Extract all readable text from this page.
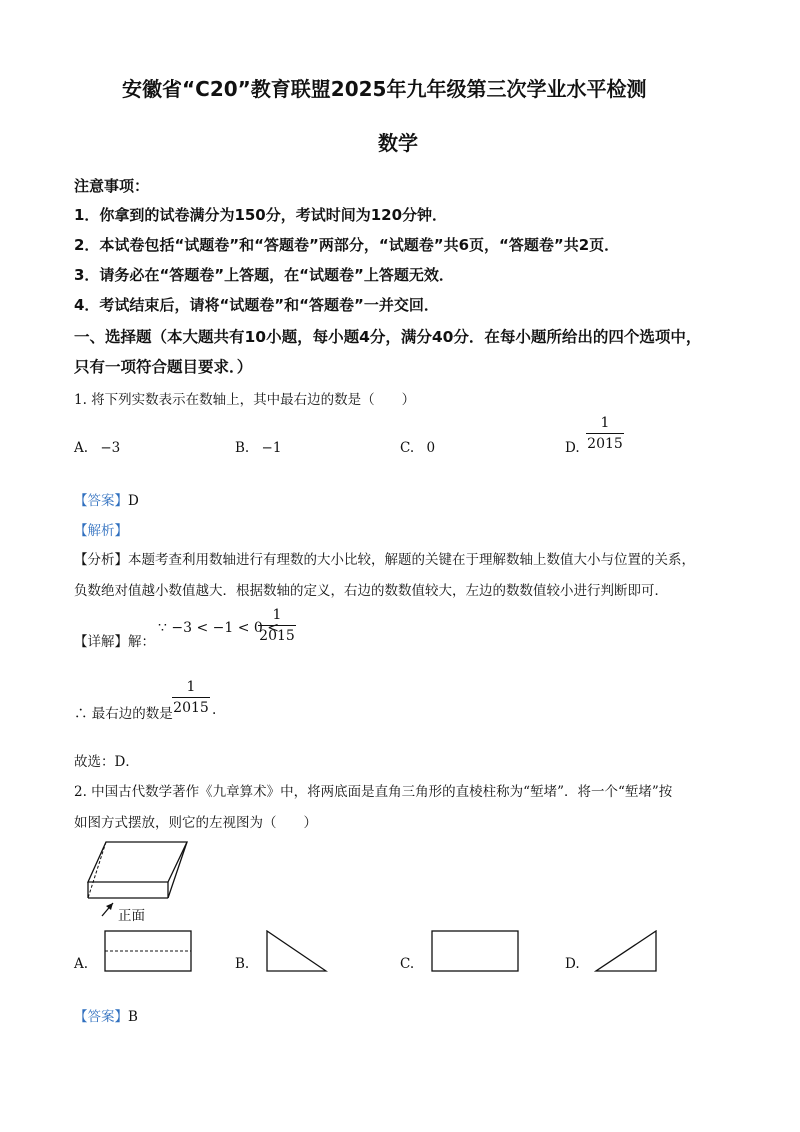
安徽省“C20”教育联盟2025年九年级第三次学业水平检测
数学
注意事项：
1．你拿到的试卷满分为150分，考试时间为120分钟．
2．本试卷包括“试题卷”和“答题卷”两部分，“试题卷”共6页，“答题卷”共2页．
3．请务必在“答题卷”上答题，在“试题卷”上答题无效．
4．考试结束后，请将“试题卷”和“答题卷”一并交回．
一、选择题（本大题共有10小题，每小题4分，满分40分．在每小题所给出的四个选项中，
只有一项符合题目要求．）
1. 将下列实数表示在数轴上，其中最右边的数是（　　）
A. −3	B. −1	C. 0	D.
1
2015
【答案】D
【解析】
【分析】本题考查利用数轴进行有理数的大小比较，解题的关键在于理解数轴上数值大小与位置的关系，
负数绝对值越小数值越大．根据数轴的定义，右边的数数值较大，左边的数数值较小进行判断即可．
【详解】解：
∵ −3 < −1 < 0 <
1
2015
∴ 最右边的数是
1
2015 .
故选：D．
2. 中国古代数学著作《九章算术》中，将两底面是直角三角形的直棱柱称为“堑堵”．将一个“堑堵”按
如图方式摆放，则它的左视图为（　　）
正面
A.	B.	C.	D.
【答案】B
